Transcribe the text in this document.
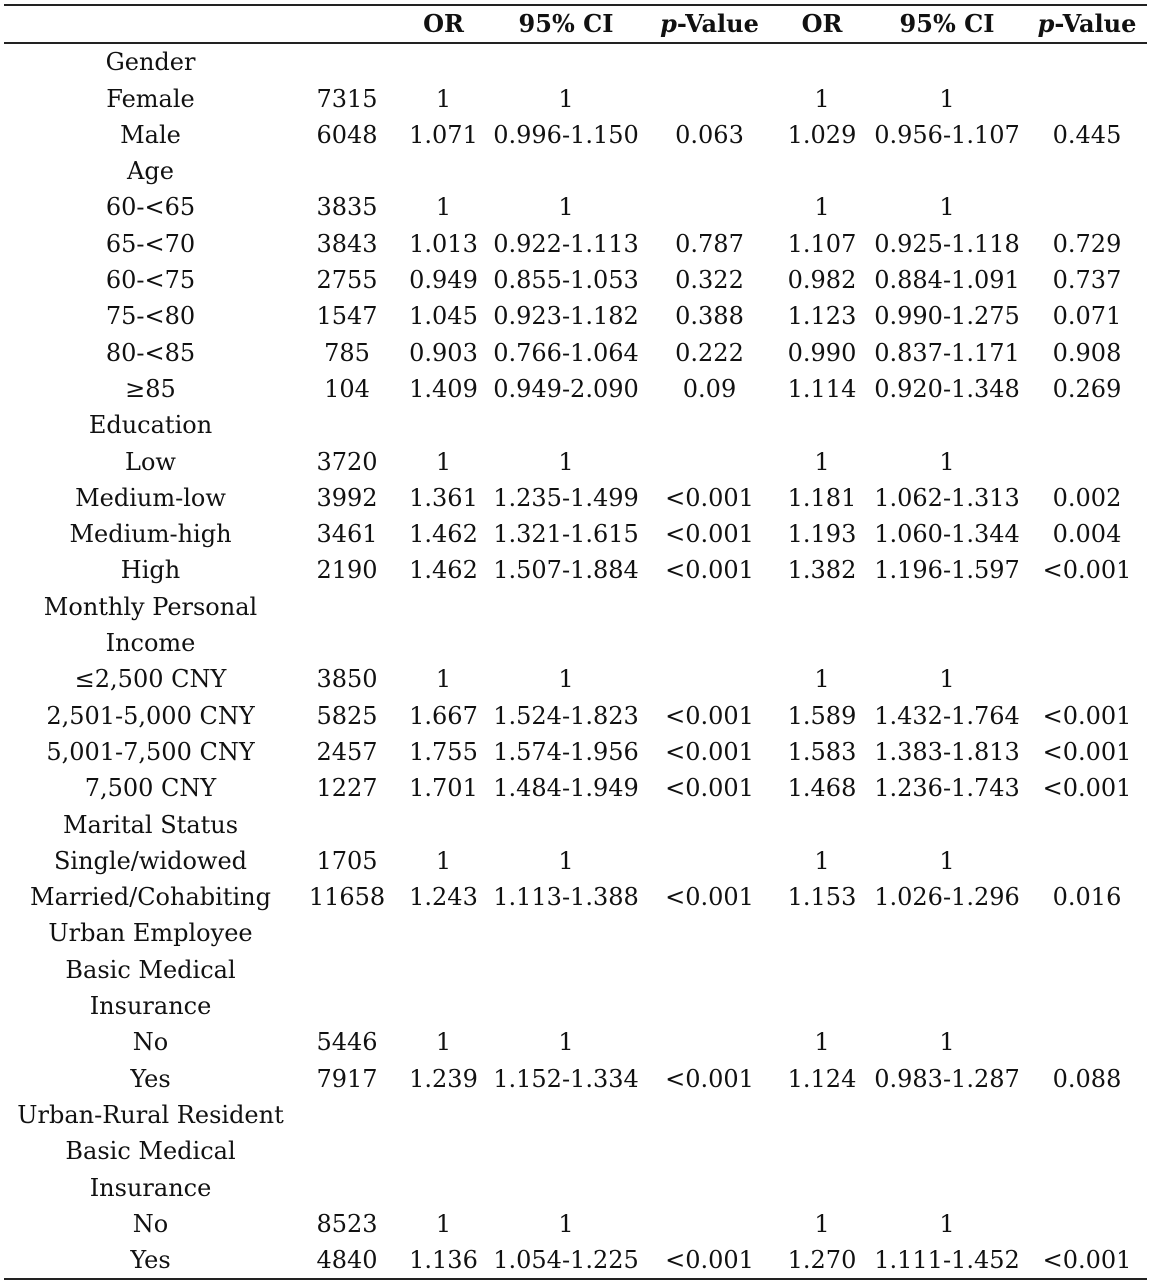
		OR	95% CI	p-Value	OR	95% CI	p-Value
Gender							
Female	7315	1	1		1	1	
Male	6048	1.071	0.996-1.150	0.063	1.029	0.956-1.107	0.445
Age							
60-<65	3835	1	1		1	1	
65-<70	3843	1.013	0.922-1.113	0.787	1.107	0.925-1.118	0.729
60-<75	2755	0.949	0.855-1.053	0.322	0.982	0.884-1.091	0.737
75-<80	1547	1.045	0.923-1.182	0.388	1.123	0.990-1.275	0.071
80-<85	785	0.903	0.766-1.064	0.222	0.990	0.837-1.171	0.908
≥85	104	1.409	0.949-2.090	0.09	1.114	0.920-1.348	0.269
Education							
Low	3720	1	1		1	1	
Medium-low	3992	1.361	1.235-1.499	<0.001	1.181	1.062-1.313	0.002
Medium-high	3461	1.462	1.321-1.615	<0.001	1.193	1.060-1.344	0.004
High	2190	1.462	1.507-1.884	<0.001	1.382	1.196-1.597	<0.001
Monthly Personal							
Income							
≤2,500 CNY	3850	1	1		1	1	
2,501-5,000 CNY	5825	1.667	1.524-1.823	<0.001	1.589	1.432-1.764	<0.001
5,001-7,500 CNY	2457	1.755	1.574-1.956	<0.001	1.583	1.383-1.813	<0.001
7,500 CNY	1227	1.701	1.484-1.949	<0.001	1.468	1.236-1.743	<0.001
Marital Status							
Single/widowed	1705	1	1		1	1	
Married/Cohabiting	11658	1.243	1.113-1.388	<0.001	1.153	1.026-1.296	0.016
Urban Employee							
Basic Medical							
Insurance							
No	5446	1	1		1	1	
Yes	7917	1.239	1.152-1.334	<0.001	1.124	0.983-1.287	0.088
Urban-Rural Resident							
Basic Medical							
Insurance							
No	8523	1	1		1	1	
Yes	4840	1.136	1.054-1.225	<0.001	1.270	1.111-1.452	<0.001
